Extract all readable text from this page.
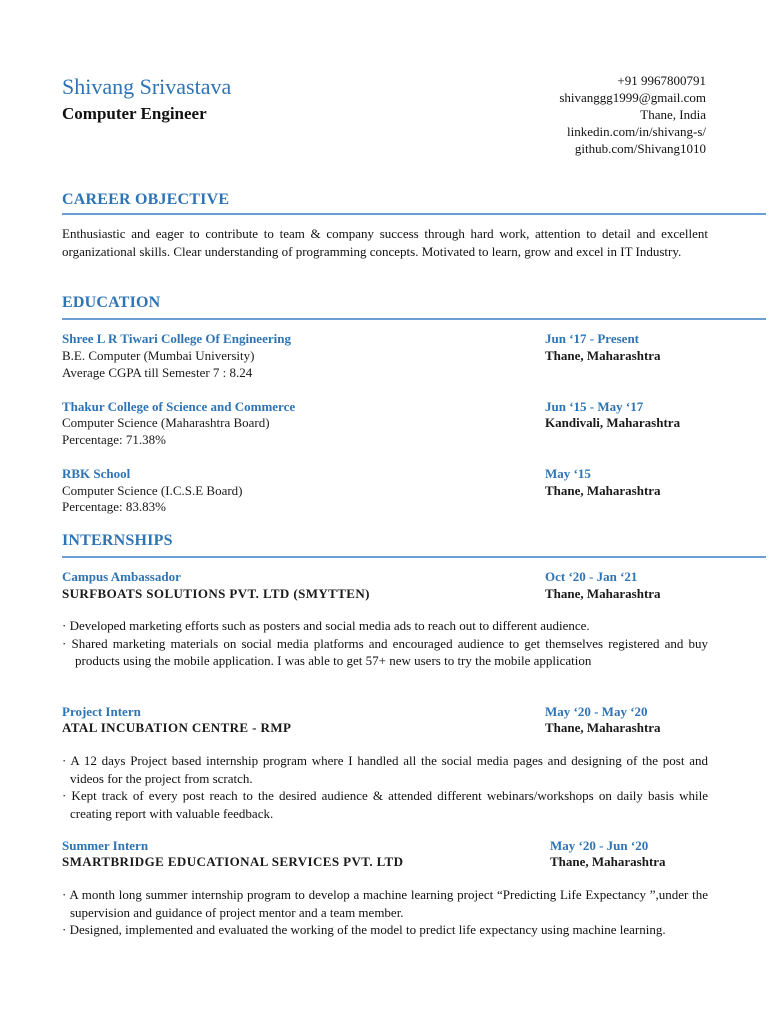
Shivang Srivastava
Computer Engineer
+91 9967800791
shivanggg1999@gmail.com
Thane, India
linkedin.com/in/shivang-s/
github.com/Shivang1010
CAREER OBJECTIVE
Enthusiastic and eager to contribute to team & company success through hard work, attention to detail and excellent organizational skills. Clear understanding of programming concepts. Motivated to learn, grow and excel in IT Industry.
EDUCATION
Shree L R Tiwari College Of Engineering	Jun ‘17 - Present
B.E. Computer (Mumbai University)	Thane, Maharashtra
Average CGPA till Semester 7 : 8.24
Thakur College of Science and Commerce	Jun ‘15 - May ‘17
Computer Science (Maharashtra Board)	Kandivali, Maharashtra
Percentage: 71.38%
RBK School	May ‘15
Computer Science (I.C.S.E Board)	Thane, Maharashtra
Percentage: 83.83%
INTERNSHIPS
Campus Ambassador	Oct ‘20 - Jan ‘21
SURFBOATS SOLUTIONS PVT. LTD (SMYTTEN)	Thane, Maharashtra
· Developed marketing efforts such as posters and social media ads to reach out to different audience.
· Shared marketing materials on social media platforms and encouraged audience to get themselves registered and buy products using the mobile application. I was able to get 57+ new users to try the mobile application
Project Intern	May ‘20 - May ‘20
ATAL INCUBATION CENTRE - RMP	Thane, Maharashtra
· A 12 days Project based internship program where I handled all the social media pages and designing of the post and videos for the project from scratch.
· Kept track of every post reach to the desired audience & attended different webinars/workshops on daily basis while creating report with valuable feedback.
Summer Intern	May ‘20 - Jun ‘20
SMARTBRIDGE EDUCATIONAL SERVICES PVT. LTD	Thane, Maharashtra
· A month long summer internship program to develop a machine learning project “Predicting Life Expectancy ”,under the supervision and guidance of project mentor and a team member.
· Designed, implemented and evaluated the working of the model to predict life expectancy using machine learning.
